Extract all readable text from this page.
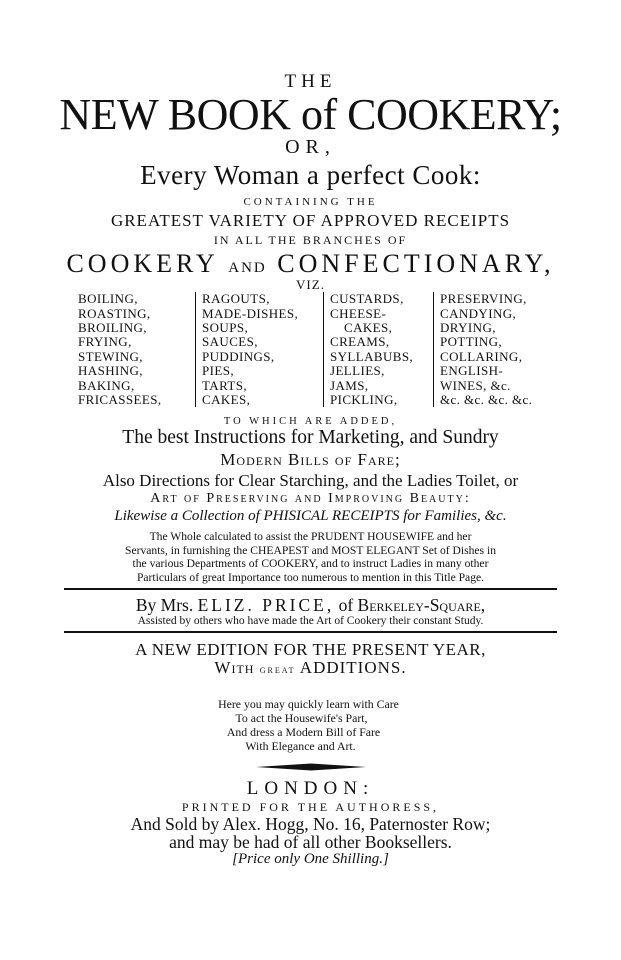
THE

NEW BOOK of COOKERY;

OR,

Every Woman a perfect Cook:

CONTAINING THE

GREATEST VARIETY OF APPROVED RECEIPTS

IN ALL THE BRANCHES OF

COOKERY AND CONFECTIONARY,

VIZ.

BOILING,
ROASTING,
BROILING,
FRYING,
STEWING,
HASHING,
BAKING,
FRICASSEES,
RAGOUTS,
MADE-DISHES,
SOUPS,
SAUCES,
PUDDINGS,
PIES,
TARTS,
CAKES,
CUSTARDS,
CHEESE-
CAKES,
CREAMS,
SYLLABUBS,
JELLIES,
JAMS,
PICKLING,
PRESERVING,
CANDYING,
DRYING,
POTTING,
COLLARING,
ENGLISH-
WINES, &c.
&c. &c. &c. &c.

TO WHICH ARE ADDED,

The best Instructions for Marketing, and Sundry

Modern Bills of Fare;

Also Directions for Clear Starching, and the Ladies Toilet, or

Art of Preserving and Improving Beauty:

Likewise a Collection of PHISICAL RECEIPTS for Families, &c.

The Whole calculated to assist the PRUDENT HOUSEWIFE and her
Servants, in furnishing the CHEAPEST and MOST ELEGANT Set of Dishes in
the various Departments of COOKERY, and to instruct Ladies in many other
Particulars of great Importance too numerous to mention in this Title Page.

By Mrs. ELIZ. PRICE, of Berkeley-Square,

Assisted by others who have made the Art of Cookery their constant Study.

A NEW EDITION FOR THE PRESENT YEAR,

With great ADDITIONS.

Here you may quickly learn with Care
To act the Housewife's Part,
And dress a Modern Bill of Fare
With Elegance and Art.

LONDON:

PRINTED FOR THE AUTHORESS,

And Sold by Alex. Hogg, No. 16, Paternoster Row;

and may be had of all other Booksellers.

[Price only One Shilling.]
